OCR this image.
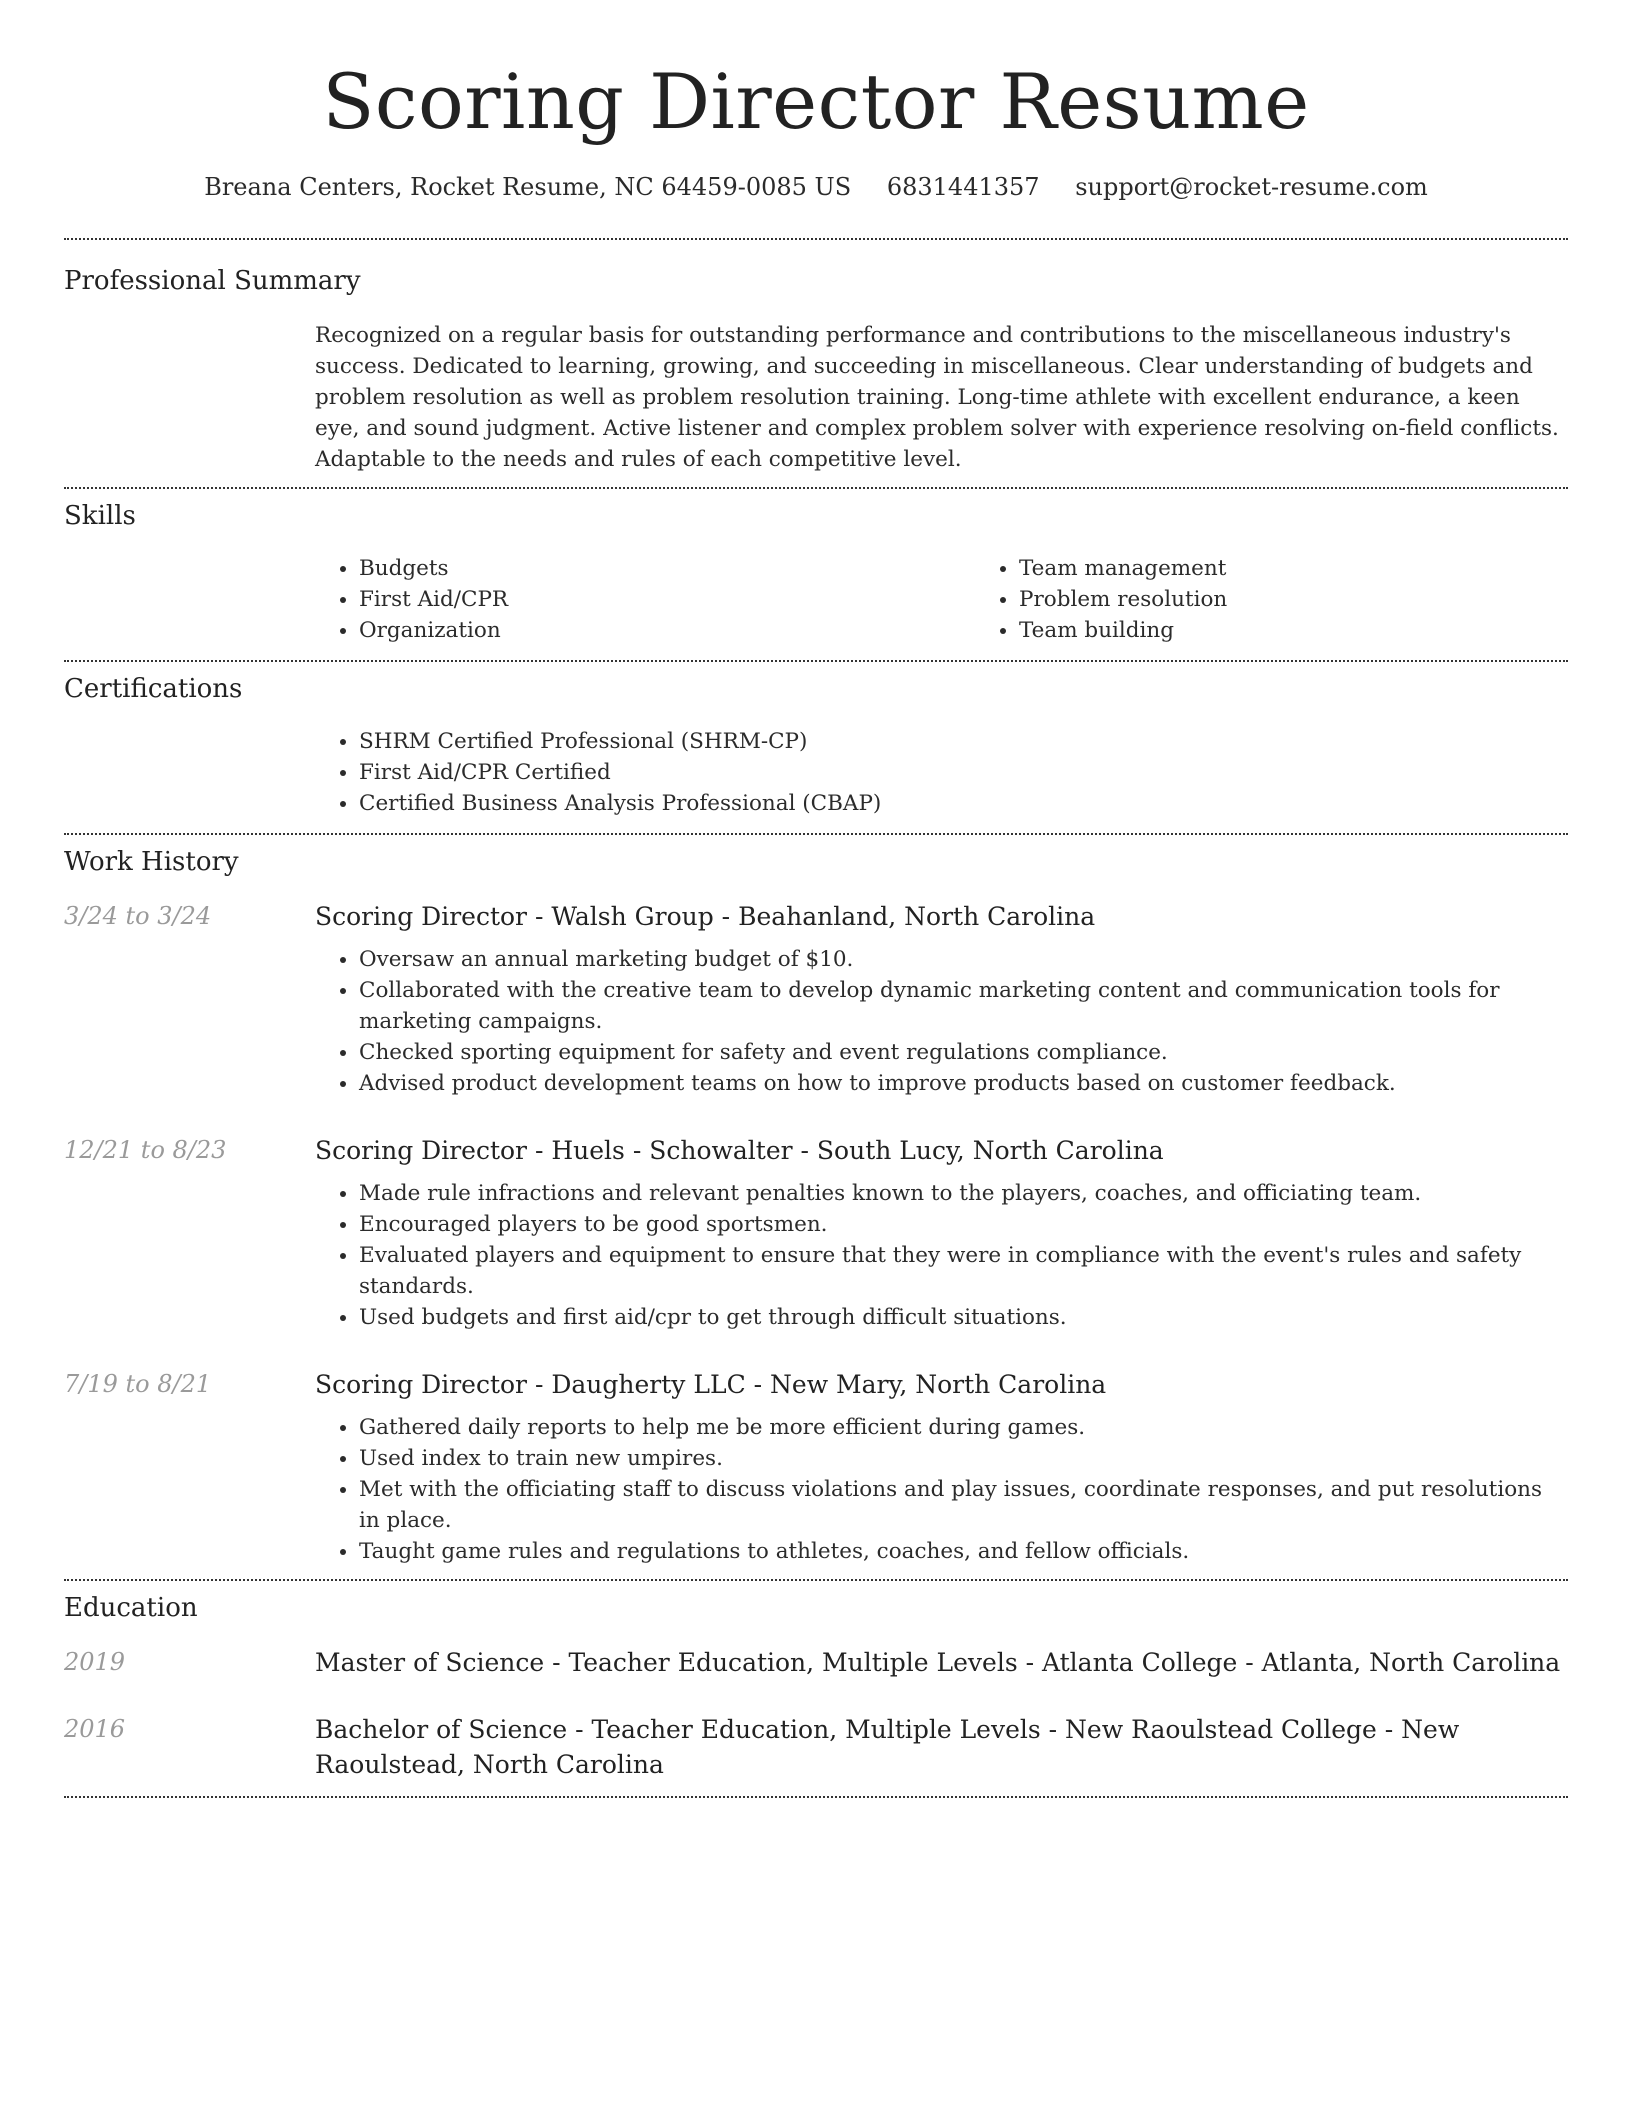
Scoring Director Resume
Breana Centers, Rocket Resume, NC 64459-0085 US 6831441357 support@rocket-resume.com
Professional Summary

Recognized on a regular basis for outstanding performance and contributions to the miscellaneous industry's success. Dedicated to learning, growing, and succeeding in miscellaneous. Clear understanding of budgets and problem resolution as well as problem resolution training. Long-time athlete with excellent endurance, a keen eye, and sound judgment. Active listener and complex problem solver with experience resolving on-field conflicts. Adaptable to the needs and rules of each competitive level.

Skills
• Budgets
• First Aid/CPR
• Organization
• Team management
• Problem resolution
• Team building
Certifications
• SHRM Certified Professional (SHRM-CP)
• First Aid/CPR Certified
• Certified Business Analysis Professional (CBAP)
Work History
3/24 to 3/24	Scoring Director - Walsh Group - Beahanland, North Carolina
• Oversaw an annual marketing budget of $10.
• Collaborated with the creative team to develop dynamic marketing content and communication tools for marketing campaigns.
• Checked sporting equipment for safety and event regulations compliance.
• Advised product development teams on how to improve products based on customer feedback.
12/21 to 8/23	Scoring Director - Huels - Schowalter - South Lucy, North Carolina
• Made rule infractions and relevant penalties known to the players, coaches, and officiating team.
• Encouraged players to be good sportsmen.
• Evaluated players and equipment to ensure that they were in compliance with the event's rules and safety standards.
• Used budgets and first aid/cpr to get through difficult situations.
7/19 to 8/21	Scoring Director - Daugherty LLC - New Mary, North Carolina
• Gathered daily reports to help me be more efficient during games.
• Used index to train new umpires.
• Met with the officiating staff to discuss violations and play issues, coordinate responses, and put resolutions in place.
• Taught game rules and regulations to athletes, coaches, and fellow officials.
Education
2019	Master of Science - Teacher Education, Multiple Levels - Atlanta College - Atlanta, North Carolina
2016	Bachelor of Science - Teacher Education, Multiple Levels - New Raoulstead College - New Raoulstead, North Carolina
